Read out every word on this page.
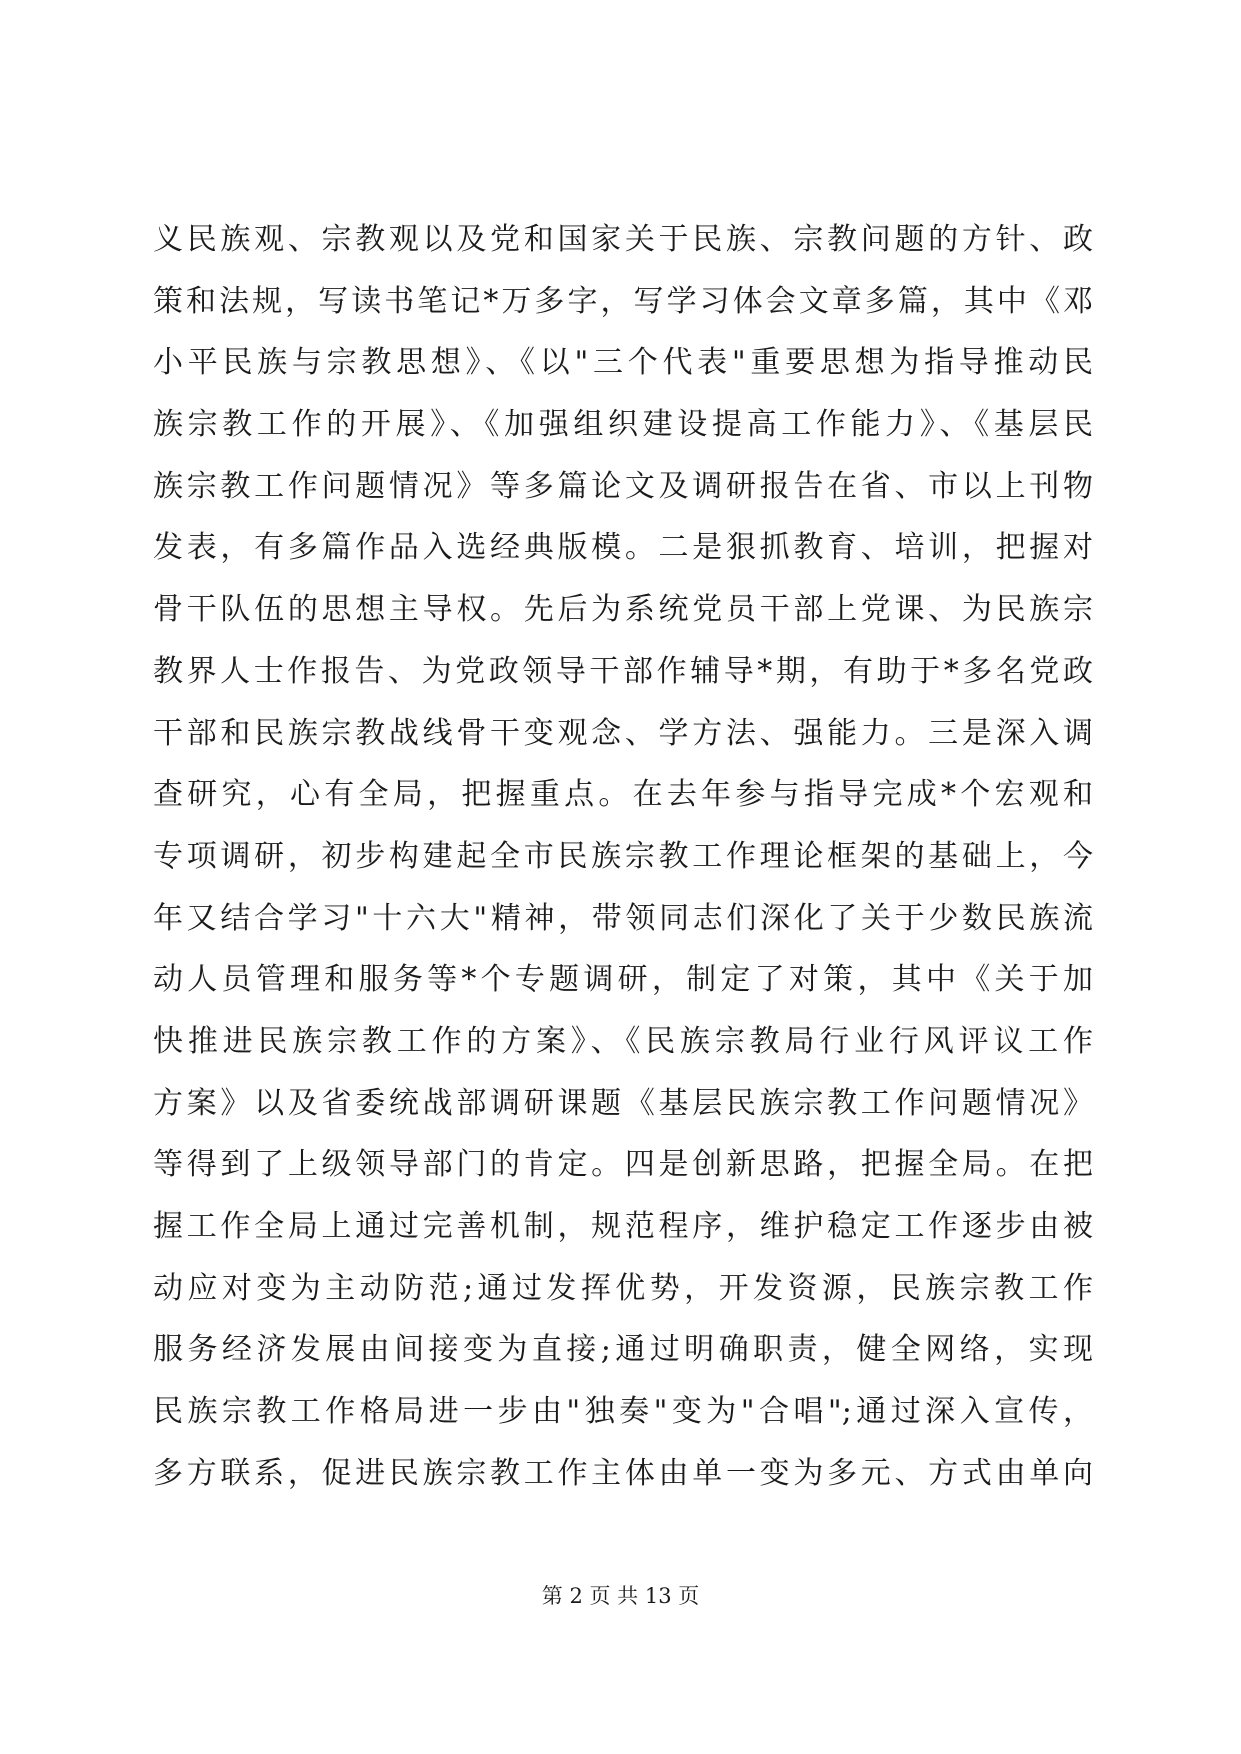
义民族观、宗教观以及党和国家关于民族、宗教问题的方针、政
策和法规，写读书笔记*万多字，写学习体会文章多篇，其中《邓
小平民族与宗教思想》、《以"三个代表"重要思想为指导推动民
族宗教工作的开展》、《加强组织建设提高工作能力》、《基层民
族宗教工作问题情况》等多篇论文及调研报告在省、市以上刊物
发表，有多篇作品入选经典版模。二是狠抓教育、培训，把握对
骨干队伍的思想主导权。先后为系统党员干部上党课、为民族宗
教界人士作报告、为党政领导干部作辅导*期，有助于*多名党政
干部和民族宗教战线骨干变观念、学方法、强能力。三是深入调
查研究，心有全局，把握重点。在去年参与指导完成*个宏观和
专项调研，初步构建起全市民族宗教工作理论框架的基础上，今
年又结合学习"十六大"精神，带领同志们深化了关于少数民族流
动人员管理和服务等*个专题调研，制定了对策，其中《关于加
快推进民族宗教工作的方案》、《民族宗教局行业行风评议工作
方案》以及省委统战部调研课题《基层民族宗教工作问题情况》
等得到了上级领导部门的肯定。四是创新思路，把握全局。在把
握工作全局上通过完善机制，规范程序，维护稳定工作逐步由被
动应对变为主动防范;通过发挥优势，开发资源，民族宗教工作
服务经济发展由间接变为直接;通过明确职责，健全网络，实现
民族宗教工作格局进一步由"独奏"变为"合唱";通过深入宣传，
多方联系，促进民族宗教工作主体由单一变为多元、方式由单向
第 2 页 共 13 页
